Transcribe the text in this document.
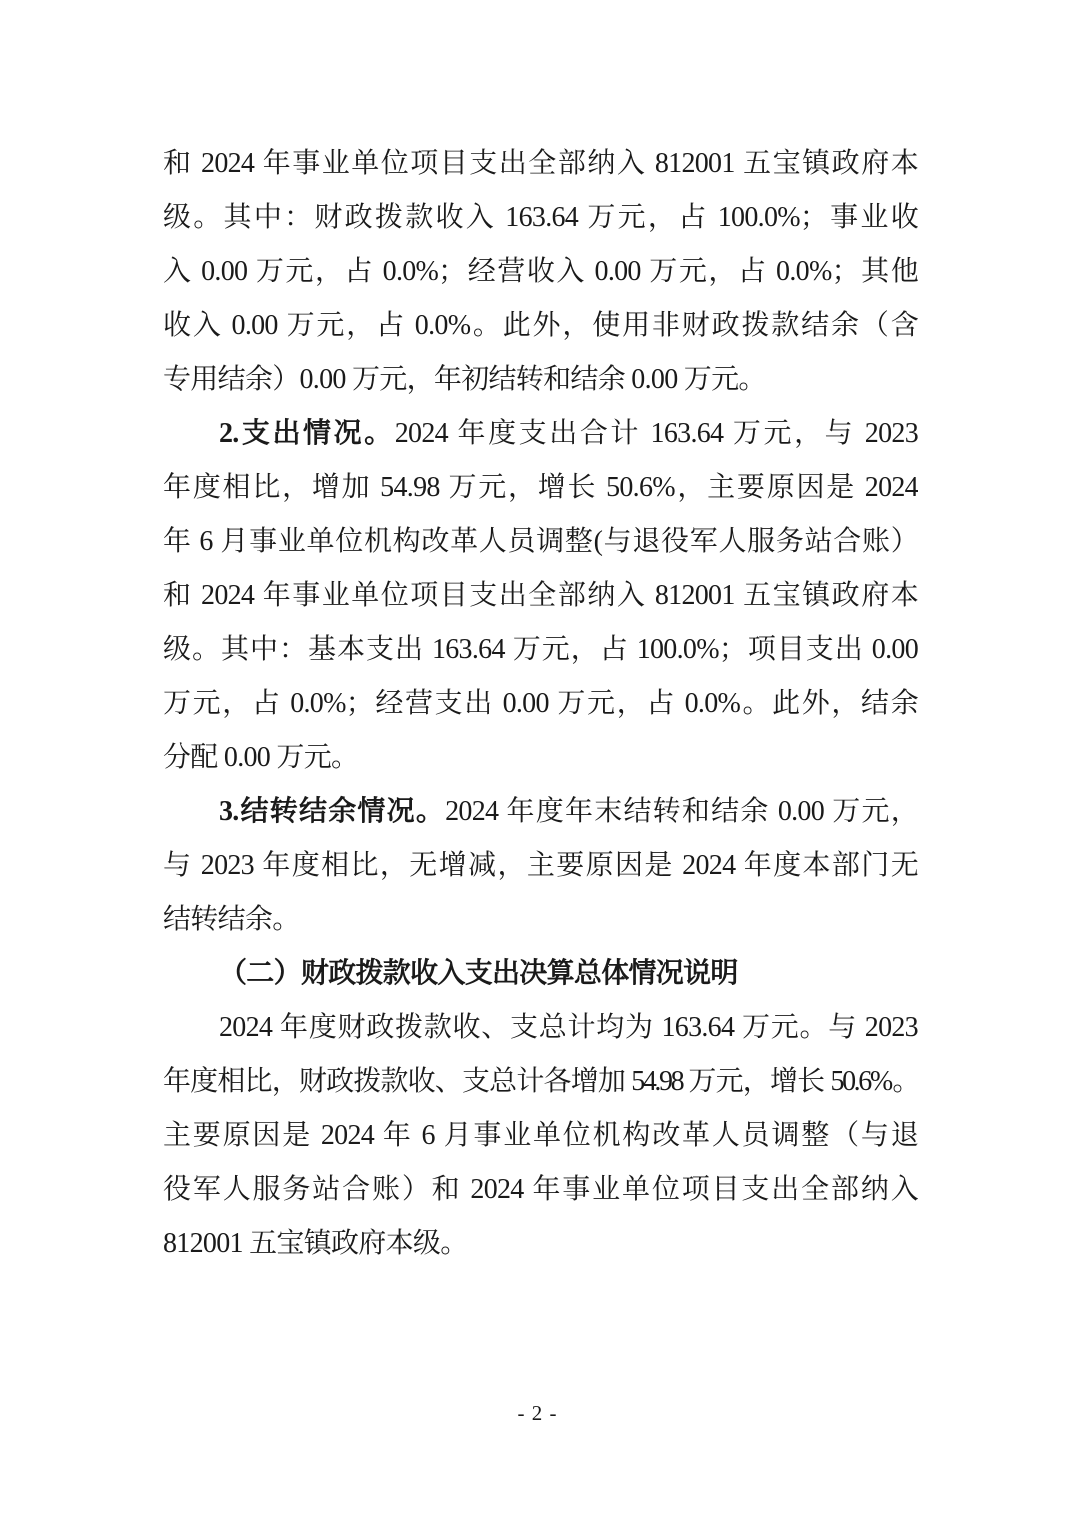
和 2024 年事业单位项目支出全部纳入 812001 五宝镇政府本
级。其中：财政拨款收入 163.64 万元，占 100.0%；事业收
入 0.00 万元，占 0.0%；经营收入 0.00 万元，占 0.0%；其他
收入 0.00 万元，占 0.0%。此外，使用非财政拨款结余（含
专用结余）0.00 万元，年初结转和结余 0.00 万元。
2.支出情况。2024 年度支出合计 163.64 万元，与 2023
年度相比，增加 54.98 万元，增长 50.6%，主要原因是 2024
年 6 月事业单位机构改革人员调整(与退役军人服务站合账）
和 2024 年事业单位项目支出全部纳入 812001 五宝镇政府本
级。其中：基本支出 163.64 万元，占 100.0%；项目支出 0.00
万元，占 0.0%；经营支出 0.00 万元，占 0.0%。此外，结余
分配 0.00 万元。
3.结转结余情况。2024 年度年末结转和结余 0.00 万元，
与 2023 年度相比，无增减，主要原因是 2024 年度本部门无
结转结余。
（二）财政拨款收入支出决算总体情况说明
2024 年度财政拨款收、支总计均为 163.64 万元。与 2023
年度相比，财政拨款收、支总计各增加 54.98 万元，增长 50.6%。
主要原因是 2024 年 6 月事业单位机构改革人员调整（与退
役军人服务站合账）和 2024 年事业单位项目支出全部纳入
812001 五宝镇政府本级。
- 2 -
